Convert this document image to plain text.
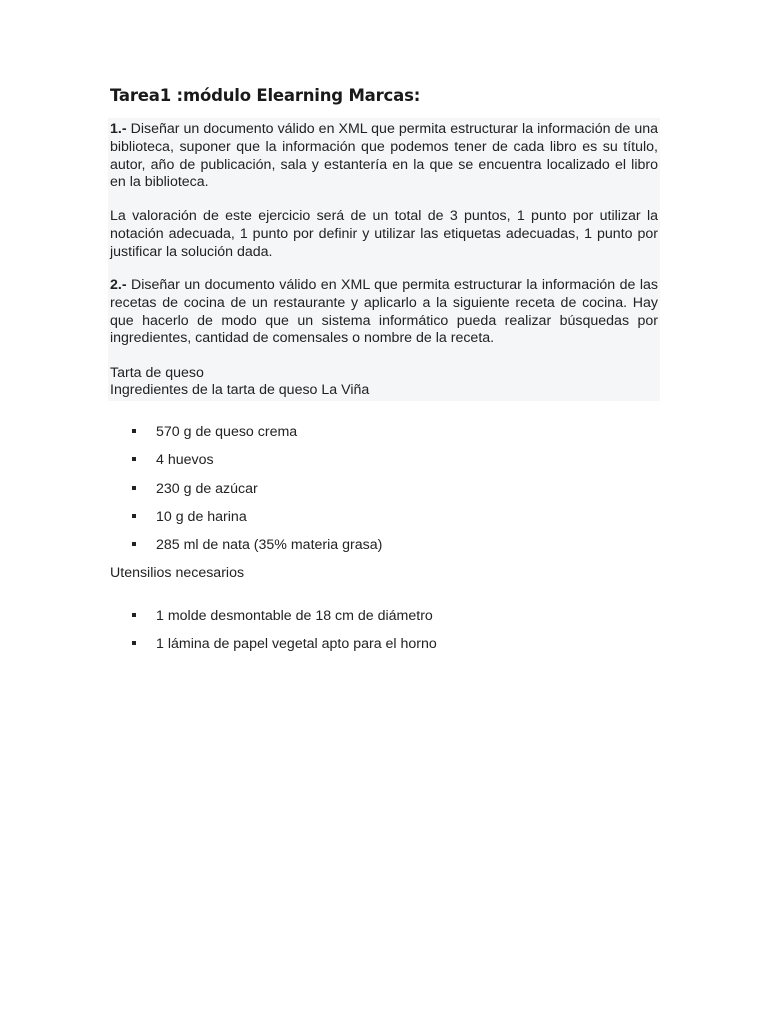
Tarea1 :módulo Elearning Marcas:

1.- Diseñar un documento válido en XML que permita estructurar la información de una biblioteca, suponer que la información que podemos tener de cada libro es su título, autor, año de publicación, sala y estantería en la que se encuentra localizado el libro en la biblioteca.

La valoración de este ejercicio será de un total de 3 puntos, 1 punto por utilizar la notación adecuada, 1 punto por definir y utilizar las etiquetas adecuadas, 1 punto por justificar la solución dada.

2.- Diseñar un documento válido en XML que permita estructurar la información de las recetas de cocina de un restaurante y aplicarlo a la siguiente receta de cocina. Hay que hacerlo de modo que un sistema informático pueda realizar búsquedas por ingredientes, cantidad de comensales o nombre de la receta.

Tarta de queso
Ingredientes de la tarta de queso La Viña
570 g de queso crema
4 huevos
230 g de azúcar
10 g de harina
285 ml de nata (35% materia grasa)
Utensilios necesarios
1 molde desmontable de 18 cm de diámetro
1 lámina de papel vegetal apto para el horno
